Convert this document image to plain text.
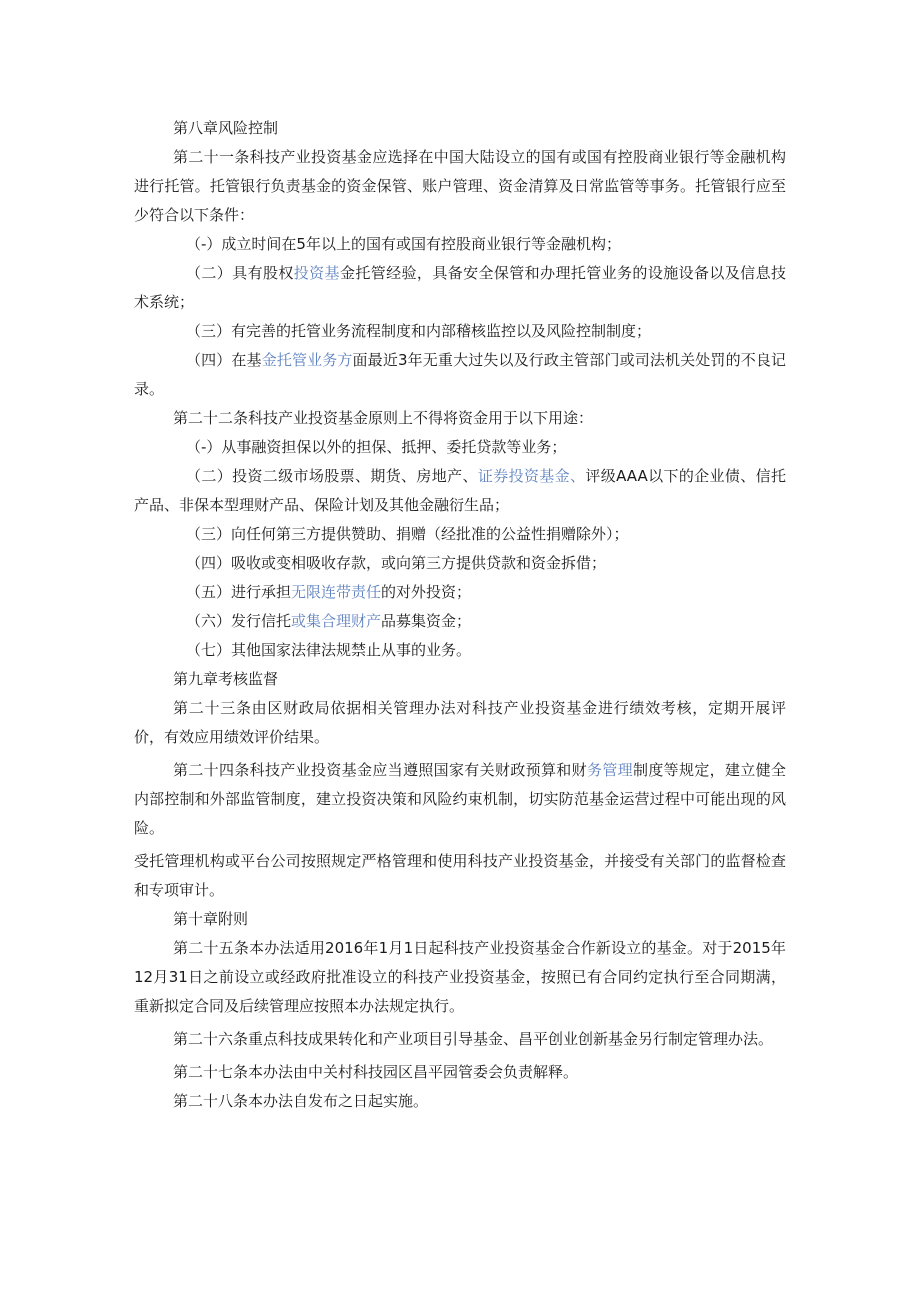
第八章风险控制

第二十一条科技产业投资基金应选择在中国大陆设立的国有或国有控股商业银行等金融机构进行托管。托管银行负责基金的资金保管、账户管理、资金清算及日常监管等事务。托管银行应至少符合以下条件：

（-）成立时间在5年以上的国有或国有控股商业银行等金融机构；

（二）具有股权投资基金托管经验，具备安全保管和办理托管业务的设施设备以及信息技术系统；

（三）有完善的托管业务流程制度和内部稽核监控以及风险控制制度；

（四）在基金托管业务方面最近3年无重大过失以及行政主管部门或司法机关处罚的不良记录。

第二十二条科技产业投资基金原则上不得将资金用于以下用途：

（-）从事融资担保以外的担保、抵押、委托贷款等业务；

（二）投资二级市场股票、期货、房地产、证券投资基金、评级AAA以下的企业债、信托产品、非保本型理财产品、保险计划及其他金融衍生品；

（三）向任何第三方提供赞助、捐赠（经批准的公益性捐赠除外）；

（四）吸收或变相吸收存款，或向第三方提供贷款和资金拆借；

（五）进行承担无限连带责任的对外投资；

（六）发行信托或集合理财产品募集资金；

（七）其他国家法律法规禁止从事的业务。

第九章考核监督

第二十三条由区财政局依据相关管理办法对科技产业投资基金进行绩效考核，定期开展评价，有效应用绩效评价结果。

第二十四条科技产业投资基金应当遵照国家有关财政预算和财务管理制度等规定，建立健全内部控制和外部监管制度，建立投资决策和风险约束机制，切实防范基金运营过程中可能出现的风险。

受托管理机构或平台公司按照规定严格管理和使用科技产业投资基金，并接受有关部门的监督检查和专项审计。

第十章附则

第二十五条本办法适用2016年1月1日起科技产业投资基金合作新设立的基金。对于2015年12月31日之前设立或经政府批准设立的科技产业投资基金，按照已有合同约定执行至合同期满，重新拟定合同及后续管理应按照本办法规定执行。

第二十六条重点科技成果转化和产业项目引导基金、昌平创业创新基金另行制定管理办法。

第二十七条本办法由中关村科技园区昌平园管委会负责解释。

第二十八条本办法自发布之日起实施。
